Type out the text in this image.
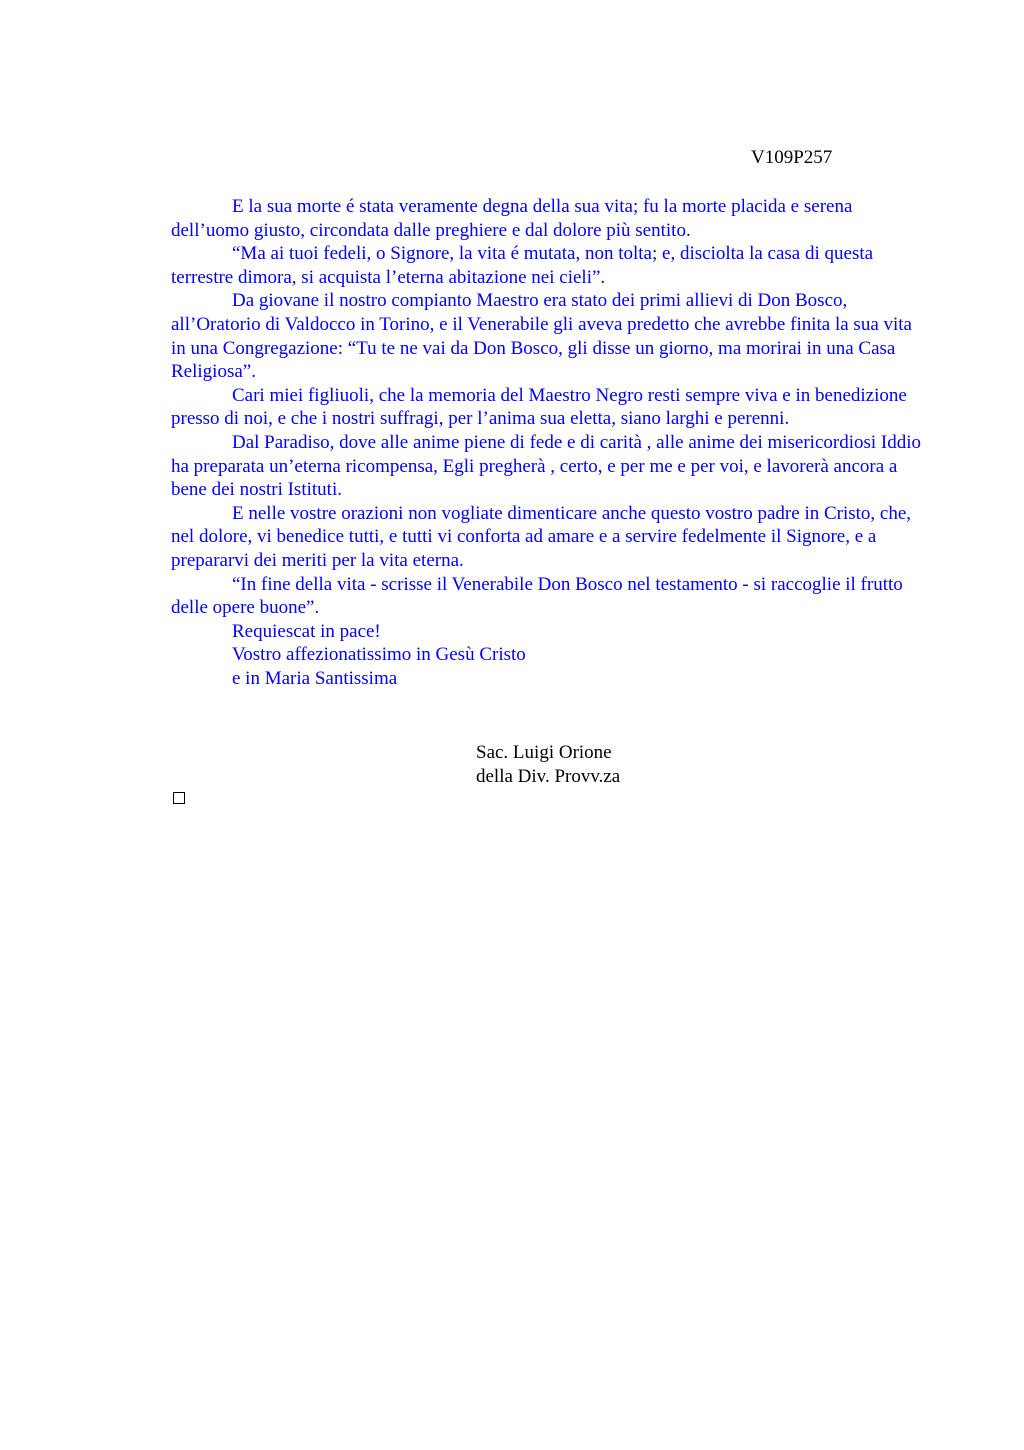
V109P257

E la sua morte é stata veramente degna della sua vita; fu la morte placida e serena dell’uomo giusto, circondata dalle preghiere e dal dolore più sentito.

“Ma ai tuoi fedeli, o Signore, la vita é mutata, non tolta; e, disciolta la casa di questa terrestre dimora, si acquista l’eterna abitazione nei cieli”.

Da giovane il nostro compianto Maestro era stato dei primi allievi di Don Bosco, all’Oratorio di Valdocco in Torino, e il Venerabile gli aveva predetto che avrebbe finita la sua vita in una Congregazione: “Tu te ne vai da Don Bosco, gli disse un giorno, ma morirai in una Casa Religiosa”.

Cari miei figliuoli, che la memoria del Maestro Negro resti sempre viva e in benedizione presso di noi, e che i nostri suffragi, per l’anima sua eletta, siano larghi e perenni.

Dal Paradiso, dove alle anime piene di fede e di carità , alle anime dei misericordiosi Iddio ha preparata un’eterna ricompensa, Egli pregherà , certo, e per me e per voi, e lavorerà ancora a bene dei nostri Istituti.

E nelle vostre orazioni non vogliate dimenticare anche questo vostro padre in Cristo, che, nel dolore, vi benedice tutti, e tutti vi conforta ad amare e a servire fedelmente il Signore, e a prepararvi dei meriti per la vita eterna.

“In fine della vita - scrisse il Venerabile Don Bosco nel testamento - si raccoglie il frutto delle opere buone”.

Requiescat in pace!

Vostro affezionatissimo in Gesù Cristo

e in Maria Santissima

Sac. Luigi Orione
della Div. Provv.za
